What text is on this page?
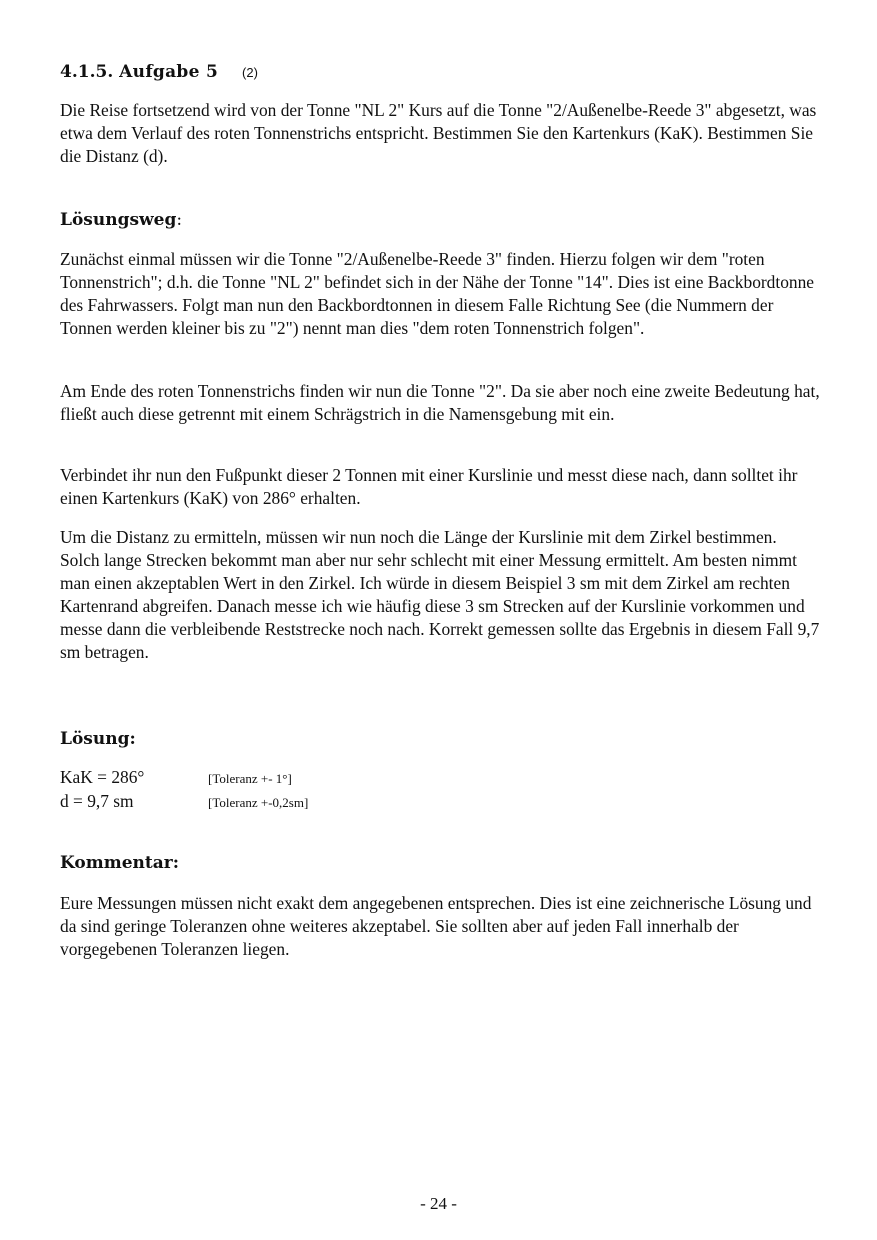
4.1.5. Aufgabe 5 (2)

Die Reise fortsetzend wird von der Tonne "NL 2" Kurs auf die Tonne "2/Außenelbe-Reede 3" abgesetzt, was etwa dem Verlauf des roten Tonnenstrichs entspricht. Bestimmen Sie den Kartenkurs (KaK). Bestimmen Sie die Distanz (d).

Lösungsweg:

Zunächst einmal müssen wir die Tonne "2/Außenelbe-Reede 3" finden. Hierzu folgen wir dem "roten Tonnenstrich"; d.h. die Tonne "NL 2" befindet sich in der Nähe der Tonne "14". Dies ist eine Backbordtonne des Fahrwassers. Folgt man nun den Backbordtonnen in diesem Falle Richtung See (die Nummern der Tonnen werden kleiner bis zu "2") nennt man dies "dem roten Tonnenstrich folgen".

Am Ende des roten Tonnenstrichs finden wir nun die Tonne "2". Da sie aber noch eine zweite Bedeutung hat, fließt auch diese getrennt mit einem Schrägstrich in die Namensgebung mit ein.

Verbindet ihr nun den Fußpunkt dieser 2 Tonnen mit einer Kurslinie und messt diese nach, dann solltet ihr einen Kartenkurs (KaK) von 286° erhalten.

Um die Distanz zu ermitteln, müssen wir nun noch die Länge der Kurslinie mit dem Zirkel bestimmen. Solch lange Strecken bekommt man aber nur sehr schlecht mit einer Messung ermittelt. Am besten nimmt man einen akzeptablen Wert in den Zirkel. Ich würde in diesem Beispiel 3 sm mit dem Zirkel am rechten Kartenrand abgreifen. Danach messe ich wie häufig diese 3 sm Strecken auf der Kurslinie vorkommen und messe dann die verbleibende Reststrecke noch nach. Korrekt gemessen sollte das Ergebnis in diesem Fall 9,7 sm betragen.

Lösung:
KaK = 286°	[Toleranz +- 1°]
d = 9,7 sm	[Toleranz +-0,2sm]
Kommentar:

Eure Messungen müssen nicht exakt dem angegebenen entsprechen. Dies ist eine zeichnerische Lösung und da sind geringe Toleranzen ohne weiteres akzeptabel. Sie sollten aber auf jeden Fall innerhalb der vorgegebenen Toleranzen liegen.

- 24 -
